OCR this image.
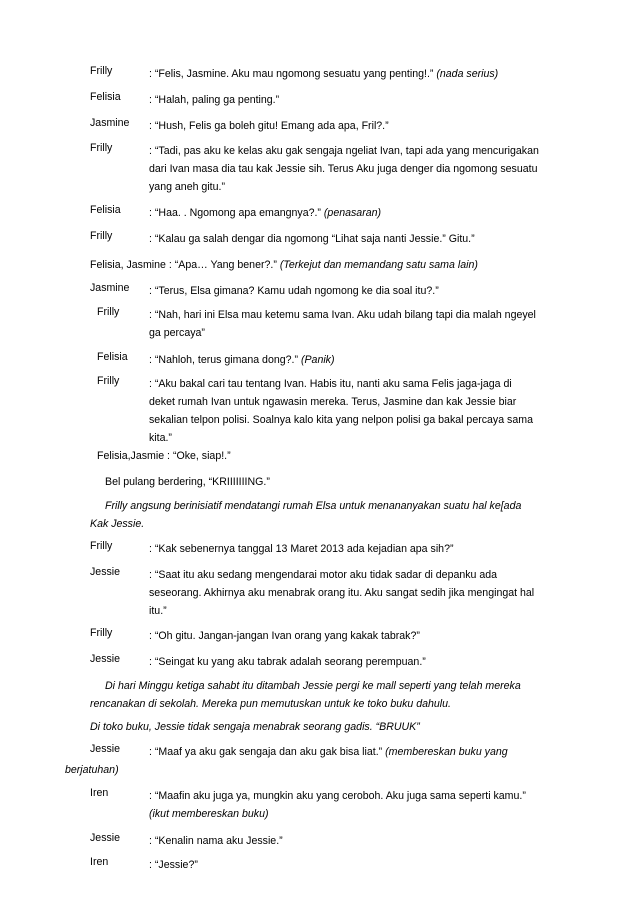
Frilly	: “Felis, Jasmine. Aku mau ngomong sesuatu yang penting!.” (nada serius)
Felisia	: “Halah, paling ga penting.”
Jasmine : “Hush, Felis ga boleh gitu! Emang ada apa, Fril?.”
Frilly	: “Tadi, pas aku ke kelas aku gak sengaja ngeliat Ivan, tapi ada yang mencurigakan
dari Ivan masa dia tau kak Jessie sih. Terus Aku juga denger dia ngomong sesuatu
yang aneh gitu.”
Felisia	: “Haa. . Ngomong apa emangnya?.” (penasaran)
Frilly	: “Kalau ga salah dengar dia ngomong “Lihat saja nanti Jessie.” Gitu.”
Felisia, Jasmine : “Apa… Yang bener?.” (Terkejut dan memandang satu sama lain)
Jasmine : “Terus, Elsa gimana? Kamu udah ngomong ke dia soal itu?.”
Frilly	: “Nah, hari ini Elsa mau ketemu sama Ivan. Aku udah bilang tapi dia malah ngeyel
ga percaya”
Felisia : “Nahloh, terus gimana dong?.” (Panik)
Frilly	: “Aku bakal cari tau tentang Ivan. Habis itu, nanti aku sama Felis jaga-jaga di
deket rumah Ivan untuk ngawasin mereka. Terus, Jasmine dan kak Jessie biar
sekalian telpon polisi. Soalnya kalo kita yang nelpon polisi ga bakal percaya sama
kita.”
Felisia,Jasmie : “Oke, siap!.”
Bel pulang berdering, “KRIIIIIIING.”
Frilly angsung berinisiatif mendatangi rumah Elsa untuk menananyakan suatu hal ke[ada
Kak Jessie.
Frilly	: “Kak sebenernya tanggal 13 Maret 2013 ada kejadian apa sih?”
Jessie	: “Saat itu aku sedang mengendarai motor aku tidak sadar di depanku ada
seseorang. Akhirnya aku menabrak orang itu. Aku sangat sedih jika mengingat hal
itu.”
Frilly	: “Oh gitu. Jangan-jangan Ivan orang yang kakak tabrak?”
Jessie	: “Seingat ku yang aku tabrak adalah seorang perempuan.”
Di hari Minggu ketiga sahabt itu ditambah Jessie pergi ke mall seperti yang telah mereka
rencanakan di sekolah. Mereka pun memutuskan untuk ke toko buku dahulu.
Di toko buku, Jessie tidak sengaja menabrak seorang gadis. “BRUUK”
Jessie	: “Maaf ya aku gak sengaja dan aku gak bisa liat.” (membereskan buku yang
berjatuhan)
Iren	: “Maafin aku juga ya, mungkin aku yang ceroboh. Aku juga sama seperti kamu.”
(ikut membereskan buku)
Jessie	: “Kenalin nama aku Jessie.”
Iren	: “Jessie?”
